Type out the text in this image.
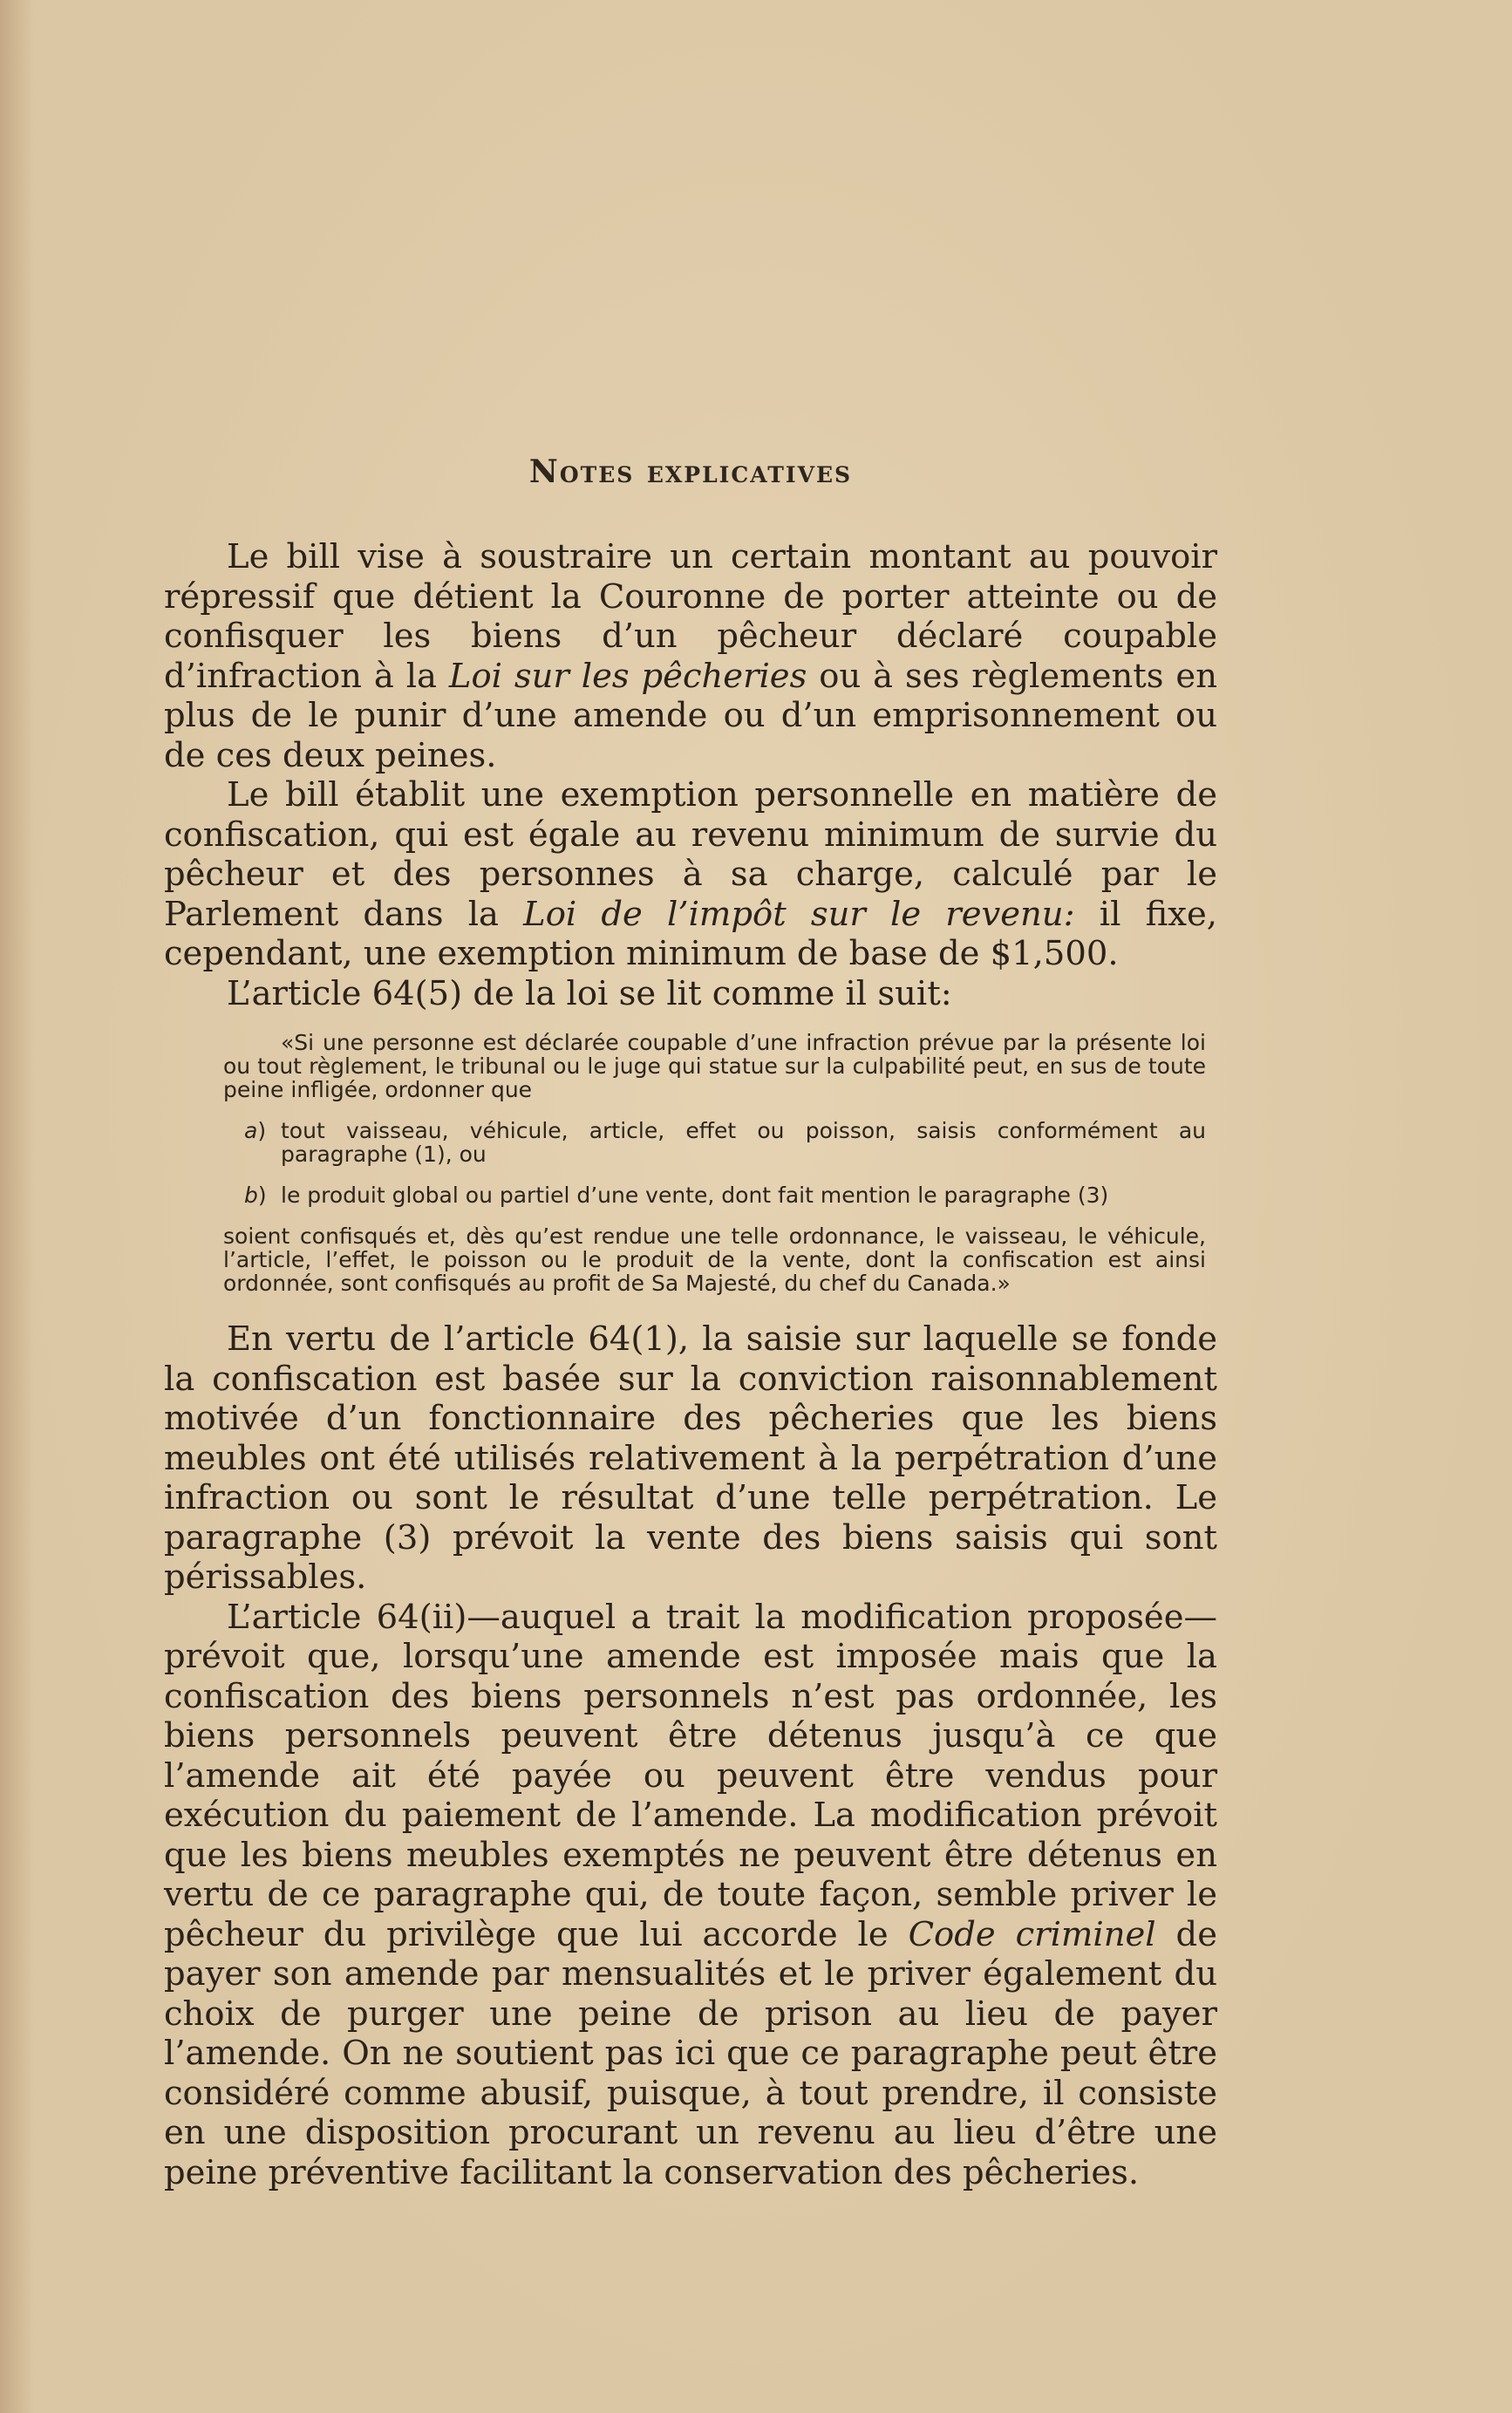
Notes explicatives

Le bill vise à soustraire un certain montant au pouvoir répressif que détient la Couronne de porter atteinte ou de confisquer les biens d’un pêcheur déclaré coupable d’infraction à la Loi sur les pêcheries ou à ses règlements en plus de le punir d’une amende ou d’un emprisonnement ou de ces deux peines.

Le bill établit une exemption personnelle en matière de confiscation, qui est égale au revenu minimum de survie du pêcheur et des personnes à sa charge, calculé par le Parlement dans la Loi de l’impôt sur le revenu: il fixe, cependant, une exemption minimum de base de $1,500.

L’article 64(5) de la loi se lit comme il suit:

«Si une personne est déclarée coupable d’une infraction prévue par la présente loi ou tout règlement, le tribunal ou le juge qui statue sur la culpabilité peut, en sus de toute peine infligée, ordonner que

a) tout vaisseau, véhicule, article, effet ou poisson, saisis conformément au paragraphe (1), ou
b) le produit global ou partiel d’une vente, dont fait mention le paragraphe (3)

soient confisqués et, dès qu’est rendue une telle ordonnance, le vaisseau, le véhicule, l’article, l’effet, le poisson ou le produit de la vente, dont la confiscation est ainsi ordonnée, sont confisqués au profit de Sa Majesté, du chef du Canada.»

En vertu de l’article 64(1), la saisie sur laquelle se fonde la confiscation est basée sur la conviction raisonnablement motivée d’un fonctionnaire des pêcheries que les biens meubles ont été utilisés relativement à la perpétration d’une infraction ou sont le résultat d’une telle perpétration. Le paragraphe (3) prévoit la vente des biens saisis qui sont périssables.

L’article 64(ii)—auquel a trait la modification proposée—prévoit que, lorsqu’une amende est imposée mais que la confiscation des biens personnels n’est pas ordonnée, les biens personnels peuvent être détenus jusqu’à ce que l’amende ait été payée ou peuvent être vendus pour exécution du paiement de l’amende. La modification prévoit que les biens meubles exemptés ne peuvent être détenus en vertu de ce paragraphe qui, de toute façon, semble priver le pêcheur du privilège que lui accorde le Code criminel de payer son amende par mensualités et le priver également du choix de purger une peine de prison au lieu de payer l’amende. On ne soutient pas ici que ce paragraphe peut être considéré comme abusif, puisque, à tout prendre, il consiste en une disposition procurant un revenu au lieu d’être une peine préventive facilitant la conservation des pêcheries.
